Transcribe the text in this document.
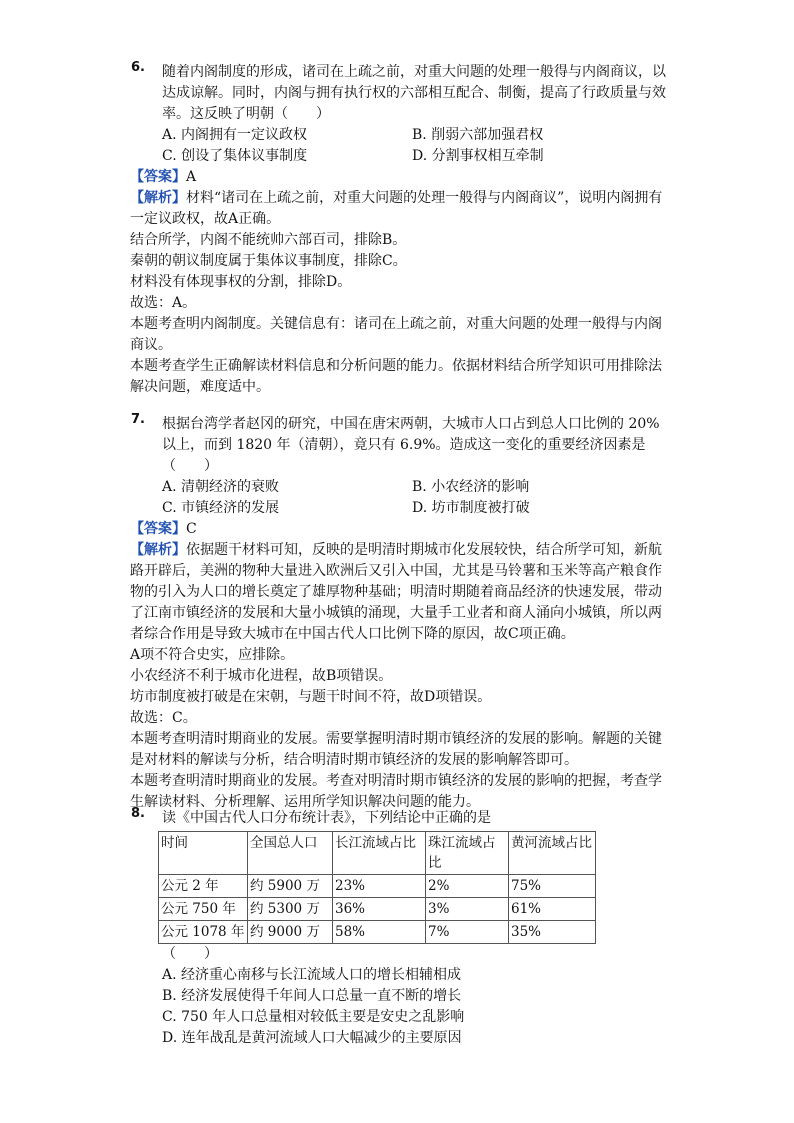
6. 随着内阁制度的形成，诸司在上疏之前，对重大问题的处理一般得与内阁商议，以达成谅解。同时，内阁与拥有执行权的六部相互配合、制衡，提高了行政质量与效率。这反映了明朝（　　）
A. 内阁拥有一定议政权	B. 削弱六部加强君权
C. 创设了集体议事制度	D. 分割事权相互牵制
【答案】A
【解析】材料“诸司在上疏之前，对重大问题的处理一般得与内阁商议”，说明内阁拥有一定议政权，故A正确。
结合所学，内阁不能统帅六部百司，排除B。
秦朝的朝议制度属于集体议事制度，排除C。
材料没有体现事权的分割，排除D。
故选：A。
本题考查明内阁制度。关键信息有：诸司在上疏之前，对重大问题的处理一般得与内阁商议。
本题考查学生正确解读材料信息和分析问题的能力。依据材料结合所学知识可用排除法解决问题，难度适中。
7. 根据台湾学者赵冈的研究，中国在唐宋两朝，大城市人口占到总人口比例的 20%以上，而到 1820 年（清朝），竟只有 6.9%。造成这一变化的重要经济因素是（　　）
A. 清朝经济的衰败	B. 小农经济的影响
C. 市镇经济的发展	D. 坊市制度被打破
【答案】C
【解析】依据题干材料可知，反映的是明清时期城市化发展较快，结合所学可知，新航路开辟后，美洲的物种大量进入欧洲后又引入中国，尤其是马铃薯和玉米等高产粮食作物的引入为人口的增长奠定了雄厚物种基础；明清时期随着商品经济的快速发展，带动了江南市镇经济的发展和大量小城镇的涌现，大量手工业者和商人涌向小城镇，所以两者综合作用是导致大城市在中国古代人口比例下降的原因，故C项正确。
A项不符合史实，应排除。
小农经济不利于城市化进程，故B项错误。
坊市制度被打破是在宋朝，与题干时间不符，故D项错误。
故选：C。
本题考查明清时期商业的发展。需要掌握明清时期市镇经济的发展的影响。解题的关键是对材料的解读与分析，结合明清时期市镇经济的发展的影响解答即可。
本题考查明清时期商业的发展。考查对明清时期市镇经济的发展的影响的把握，考查学生解读材料、分析理解、运用所学知识解决问题的能力。
8. 读《中国古代人口分布统计表》，下列结论中正确的是
时间	全国总人口	长江流域占比	珠江流域占比	黄河流域占比
公元 2 年	约 5900 万	23%	2%	75%
公元 750 年	约 5300 万	36%	3%	61%
公元 1078 年	约 9000 万	58%	7%	35%
（　　）
A. 经济重心南移与长江流域人口的增长相辅相成
B. 经济发展使得千年间人口总量一直不断的增长
C. 750 年人口总量相对较低主要是安史之乱影响
D. 连年战乱是黄河流域人口大幅减少的主要原因
